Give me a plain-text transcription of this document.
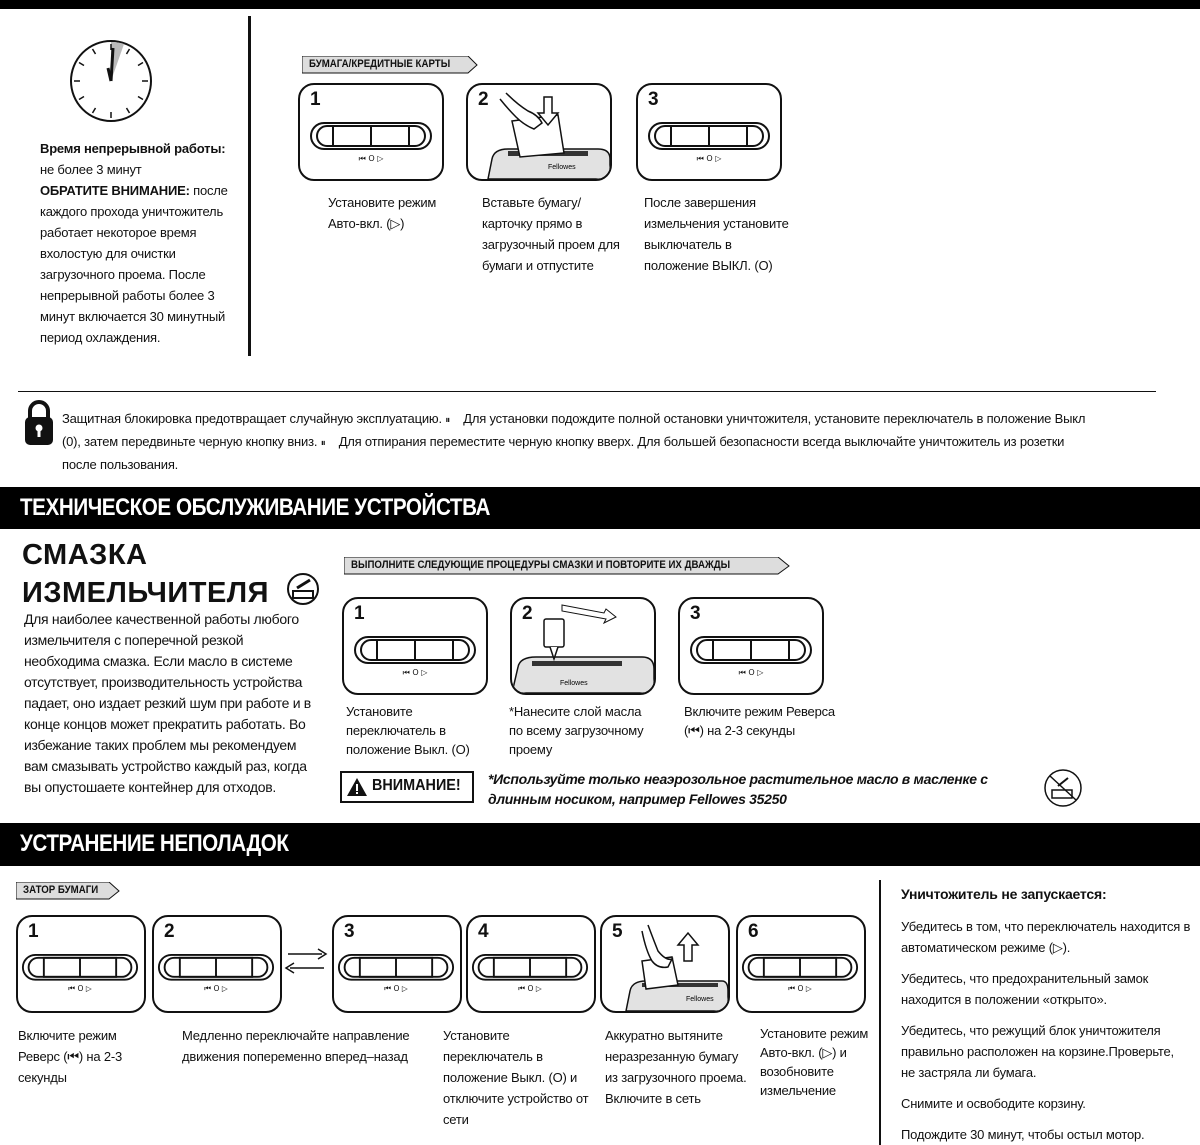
Время непрерывной работы:
не более 3 минут
ОБРАТИТЕ ВНИМАНИЕ: после каждого прохода уничтожитель работает некоторое время вхолостую для очистки загрузочного проема. После непрерывной работы более 3 минут включается 30 минутный период охлаждения.
БУМАГА/КРЕДИТНЫЕ КАРТЫ
1	2
Fellowes
3
Установите режим Авто-вкл. (▷)
Вставьте бумагу/ карточку прямо в загрузочный проем для бумаги и отпустите
После завершения измельчения установите выключатель в положение ВЫКЛ. (O)
Защитная блокировка предотвращает случайную эксплуатацию. ⏸ Для установки подождите полной остановки уничтожителя, установите переключатель в положение Выкл
(0), затем передвиньте черную кнопку вниз. ⏸ Для отпирания переместите черную кнопку вверх. Для большей безопасности всегда выключайте уничтожитель из розетки
после пользования.
ТЕХНИЧЕСКОЕ ОБСЛУЖИВАНИЕ УСТРОЙСТВА
СМАЗКА
ИЗМЕЛЬЧИТЕЛЯ
Для наиболее качественной работы любого измельчителя с поперечной резкой необходима смазка. Если масло в системе отсутствует, производительность устройства падает, оно издает резкий шум при работе и в конце концов может прекратить работать. Во избежание таких проблем мы рекомендуем вам смазывать устройство каждый раз, когда вы опустошаете контейнер для отходов.
ВЫПОЛНИТЕ СЛЕДУЮЩИЕ ПРОЦЕДУРЫ СМАЗКИ И ПОВТОРИТЕ ИХ ДВАЖДЫ
1	2
Fellowes
3
Установите переключатель в положение Выкл. (O)
*Нанесите слой масла по всему загрузочному проему
Включите режим Реверса (⏮) на 2-3 секунды
ВНИМАНИЕ! *Используйте только неаэрозольное растительное масло в масленке с длинным носиком, например Fellowes 35250
УСТРАНЕНИЕ НЕПОЛАДОК
ЗАТОР БУМАГИ
1	2	3	4	5
Fellowes
6
Включите режим Реверс (⏮) на 2-3 секунды
Медленно переключайте направление движения попеременно вперед–назад
Установите переключатель в положение Выкл. (O) и отключите устройство от сети
Аккуратно вытяните неразрезанную бумагу из загрузочного проема. Включите в сеть
Установите режим Авто-вкл. (▷) и возобновите измельчение
Уничтожитель не запускается:
Убедитесь в том, что переключатель находится в автоматическом режиме (▷).
Убедитесь, что предохранительный замок находится в положении «открыто».
Убедитесь, что режущий блок уничтожителя правильно расположен на корзине.Проверьте, не застряла ли бумага.
Снимите и освободите корзину.
Подождите 30 минут, чтобы остыл мотор.
